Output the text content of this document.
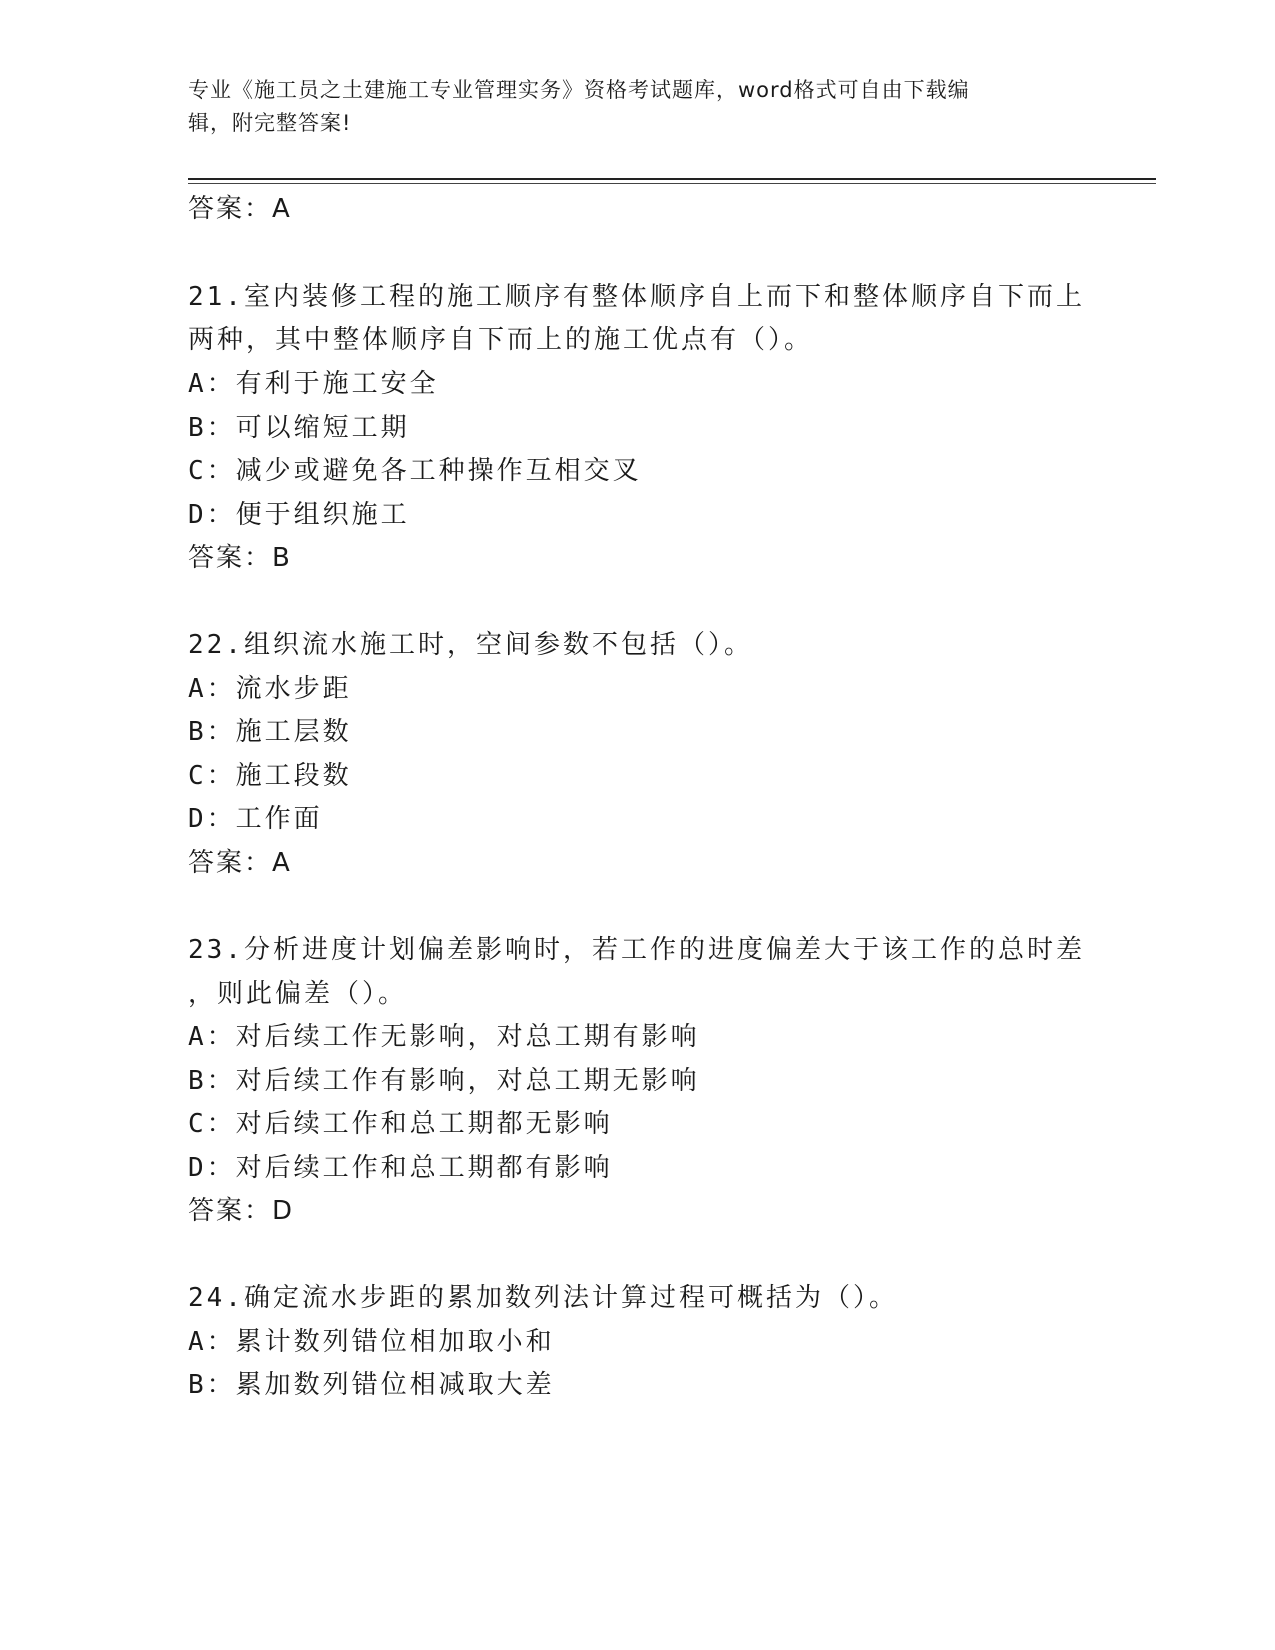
专业《施工员之土建施工专业管理实务》资格考试题库，word格式可自由下载编
辑，附完整答案!
答案：A
21.室内装修工程的施工顺序有整体顺序自上而下和整体顺序自下而上
两种，其中整体顺序自下而上的施工优点有（）。
A：有利于施工安全
B：可以缩短工期
C：减少或避免各工种操作互相交叉
D：便于组织施工
答案：B
22.组织流水施工时，空间参数不包括（）。
A：流水步距
B：施工层数
C：施工段数
D：工作面
答案：A
23.分析进度计划偏差影响时，若工作的进度偏差大于该工作的总时差
，则此偏差（）。
A：对后续工作无影响，对总工期有影响
B：对后续工作有影响，对总工期无影响
C：对后续工作和总工期都无影响
D：对后续工作和总工期都有影响
答案：D
24.确定流水步距的累加数列法计算过程可概括为（）。
A：累计数列错位相加取小和
B：累加数列错位相减取大差
